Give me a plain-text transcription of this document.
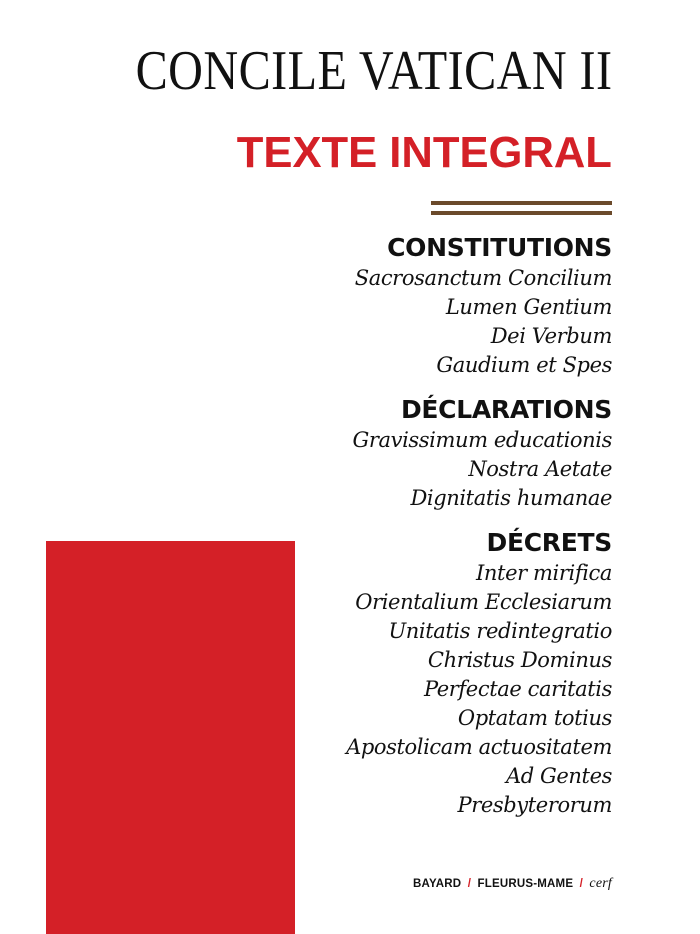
CONCILE VATICAN II
TEXTE INTEGRAL
CONSTITUTIONS
Sacrosanctum Concilium
Lumen Gentium
Dei Verbum
Gaudium et Spes
DÉCLARATIONS
Gravissimum educationis
Nostra Aetate
Dignitatis humanae
DÉCRETS
Inter mirifica
Orientalium Ecclesiarum
Unitatis redintegratio
Christus Dominus
Perfectae caritatis
Optatam totius
Apostolicam actuositatem
Ad Gentes
Presbyterorum
BAYARD / FLEURUS-MAME / cerf
